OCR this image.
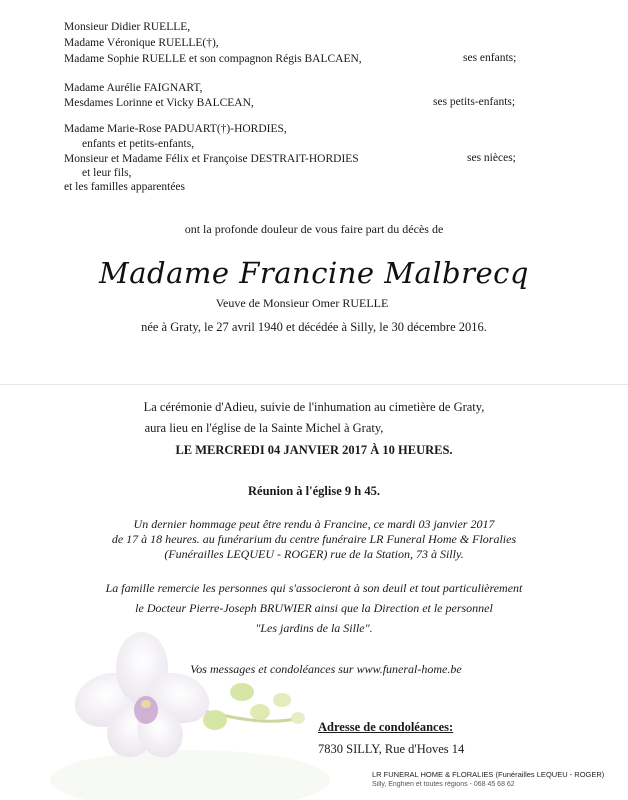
Monsieur Didier RUELLE,
Madame Véronique RUELLE(†),
Madame Sophie RUELLE et son compagnon Régis BALCAEN,	ses enfants;
Madame Aurélie FAIGNART,
Mesdames Lorinne et Vicky BALCEAN,	ses petits-enfants;
Madame Marie-Rose PADUART(†)-HORDIES,
enfants et petits-enfants,
Monsieur et Madame Félix et Françoise DESTRAIT-HORDIES	ses nièces;
et leur fils,
et les familles apparentées
ont la profonde douleur de vous faire part du décès de
Madame Francine Malbrecq
Veuve de Monsieur Omer RUELLE
née à Graty, le 27 avril 1940 et décédée à Silly, le 30 décembre 2016.
La cérémonie d'Adieu, suivie de l'inhumation au cimetière de Graty,
aura lieu en l'église de la Sainte Michel à Graty,
LE MERCREDI 04 JANVIER 2017 À 10 HEURES.
Réunion à l'église 9 h 45.
Un dernier hommage peut être rendu à Francine, ce mardi 03 janvier 2017
de 17 à 18 heures. au funérarium du centre funéraire LR Funeral Home & Floralies
(Funérailles LEQUEU - ROGER) rue de la Station, 73 à Silly.
La famille remercie les personnes qui s'associeront à son deuil et tout particulièrement
le Docteur Pierre-Joseph BRUWIER ainsi que la Direction et le personnel
"Les jardins de la Sille".
Vos messages et condoléances sur www.funeral-home.be
Adresse de condoléances:
7830 SILLY, Rue d'Hoves 14
LR FUNERAL HOME & FLORALIES (Funérailles LEQUEU - ROGER)
Silly, Enghien et toutes régions - 068 45 68 62
